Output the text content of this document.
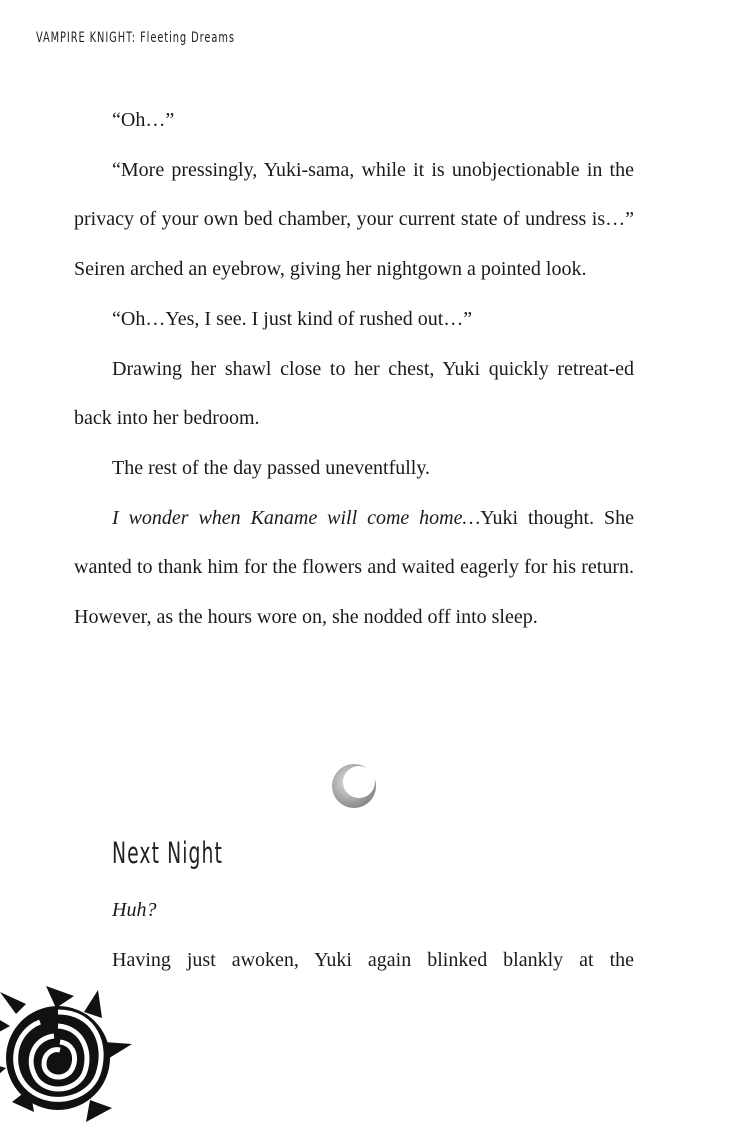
VAMPIRE KNIGHT: Fleeting Dreams

“Oh…”

“More pressingly, Yuki-sama, while it is unobjectionable in the privacy of your own bed chamber, your current state of undress is…” Seiren arched an eyebrow, giving her nightgown a pointed look.

“Oh…Yes, I see. I just kind of rushed out…”

Drawing her shawl close to her chest, Yuki quickly retreat-ed back into her bedroom.

The rest of the day passed uneventfully.

I wonder when Kaname will come home…Yuki thought. She wanted to thank him for the flowers and waited eagerly for his return. However, as the hours wore on, she nodded off into sleep.

Next Night

Huh?

Having just awoken, Yuki again blinked blankly at the
